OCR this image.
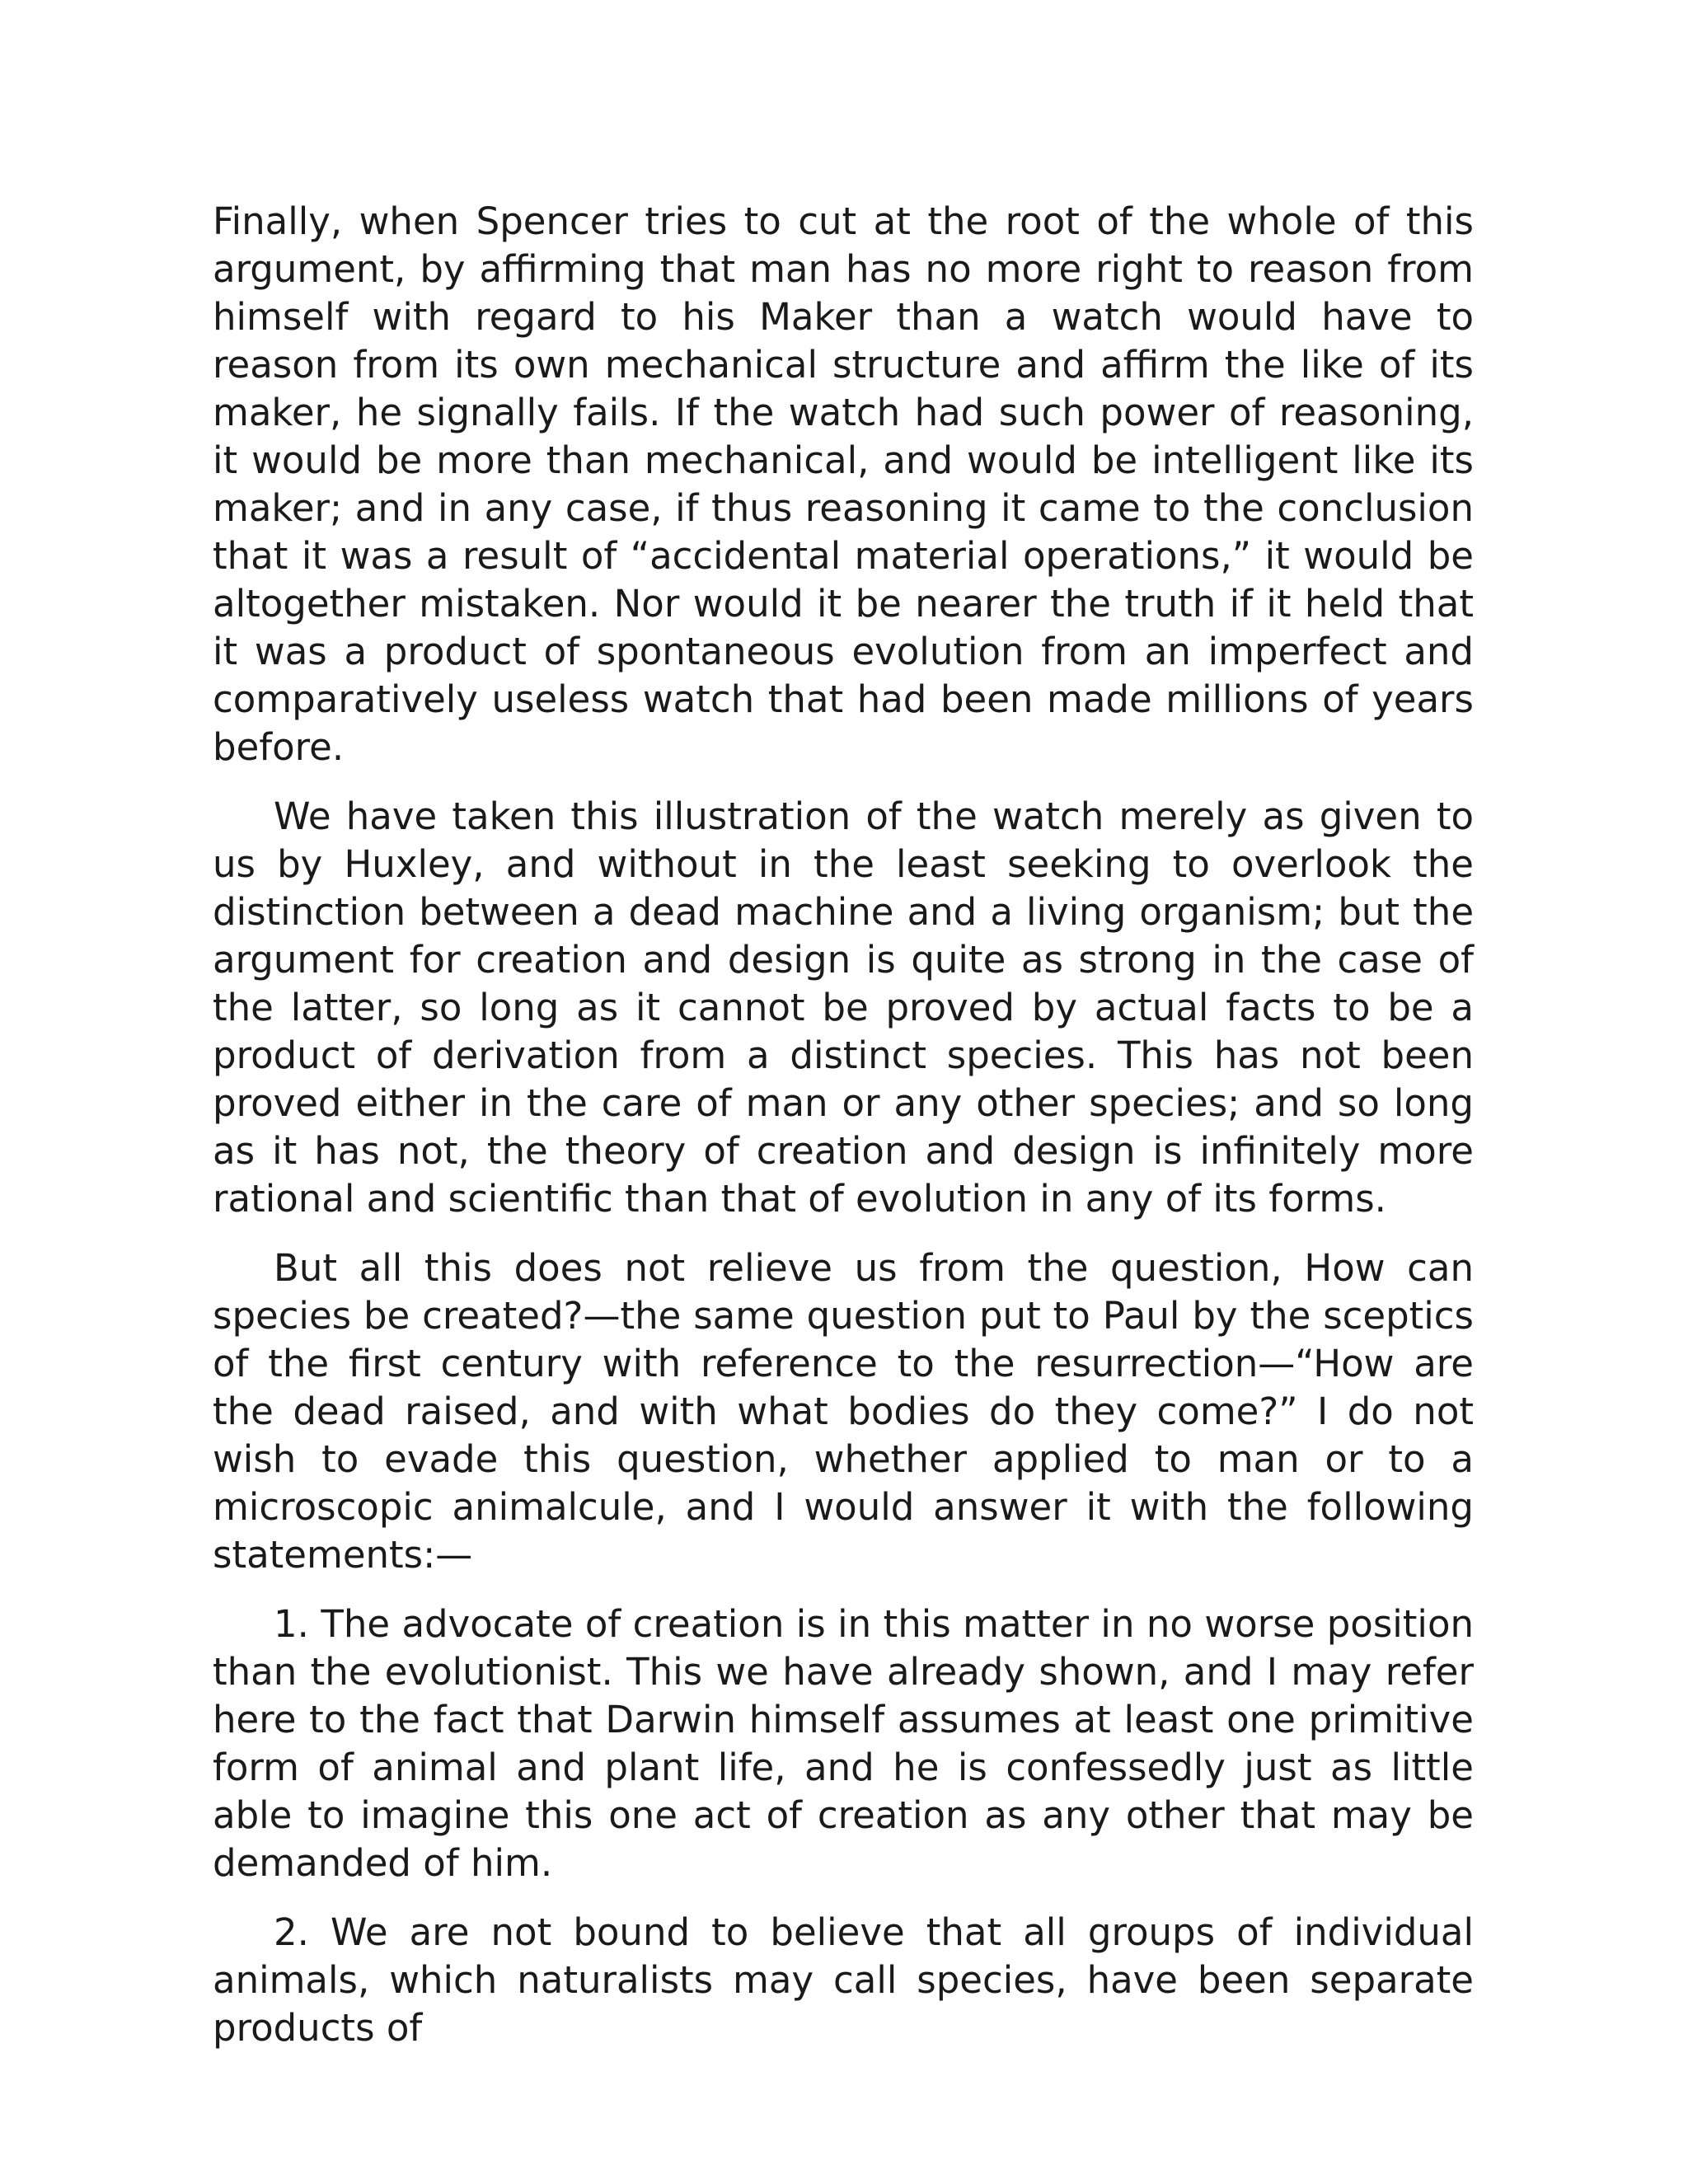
Finally, when Spencer tries to cut at the root of the whole of this argument, by affirming that man has no more right to reason from himself with regard to his Maker than a watch would have to reason from its own mechanical structure and affirm the like of its maker, he signally fails. If the watch had such power of reasoning, it would be more than mechanical, and would be intelligent like its maker; and in any case, if thus reasoning it came to the conclusion that it was a result of “accidental material operations,” it would be altogether mistaken. Nor would it be nearer the truth if it held that it was a product of spontaneous evolution from an imperfect and comparatively useless watch that had been made millions of years before.

We have taken this illustration of the watch merely as given to us by Huxley, and without in the least seeking to overlook the distinction between a dead machine and a living organism; but the argument for creation and design is quite as strong in the case of the latter, so long as it cannot be proved by actual facts to be a product of derivation from a distinct species. This has not been proved either in the care of man or any other species; and so long as it has not, the theory of creation and design is infinitely more rational and scientific than that of evolution in any of its forms.

But all this does not relieve us from the question, How can species be created?—the same question put to Paul by the sceptics of the first century with reference to the resurrection—“How are the dead raised, and with what bodies do they come?” I do not wish to evade this question, whether applied to man or to a microscopic animalcule, and I would answer it with the following statements:—

1. The advocate of creation is in this matter in no worse position than the evolutionist. This we have already shown, and I may refer here to the fact that Darwin himself assumes at least one primitive form of animal and plant life, and he is confessedly just as little able to imagine this one act of creation as any other that may be demanded of him.

2. We are not bound to believe that all groups of individual animals, which naturalists may call species, have been separate products of
